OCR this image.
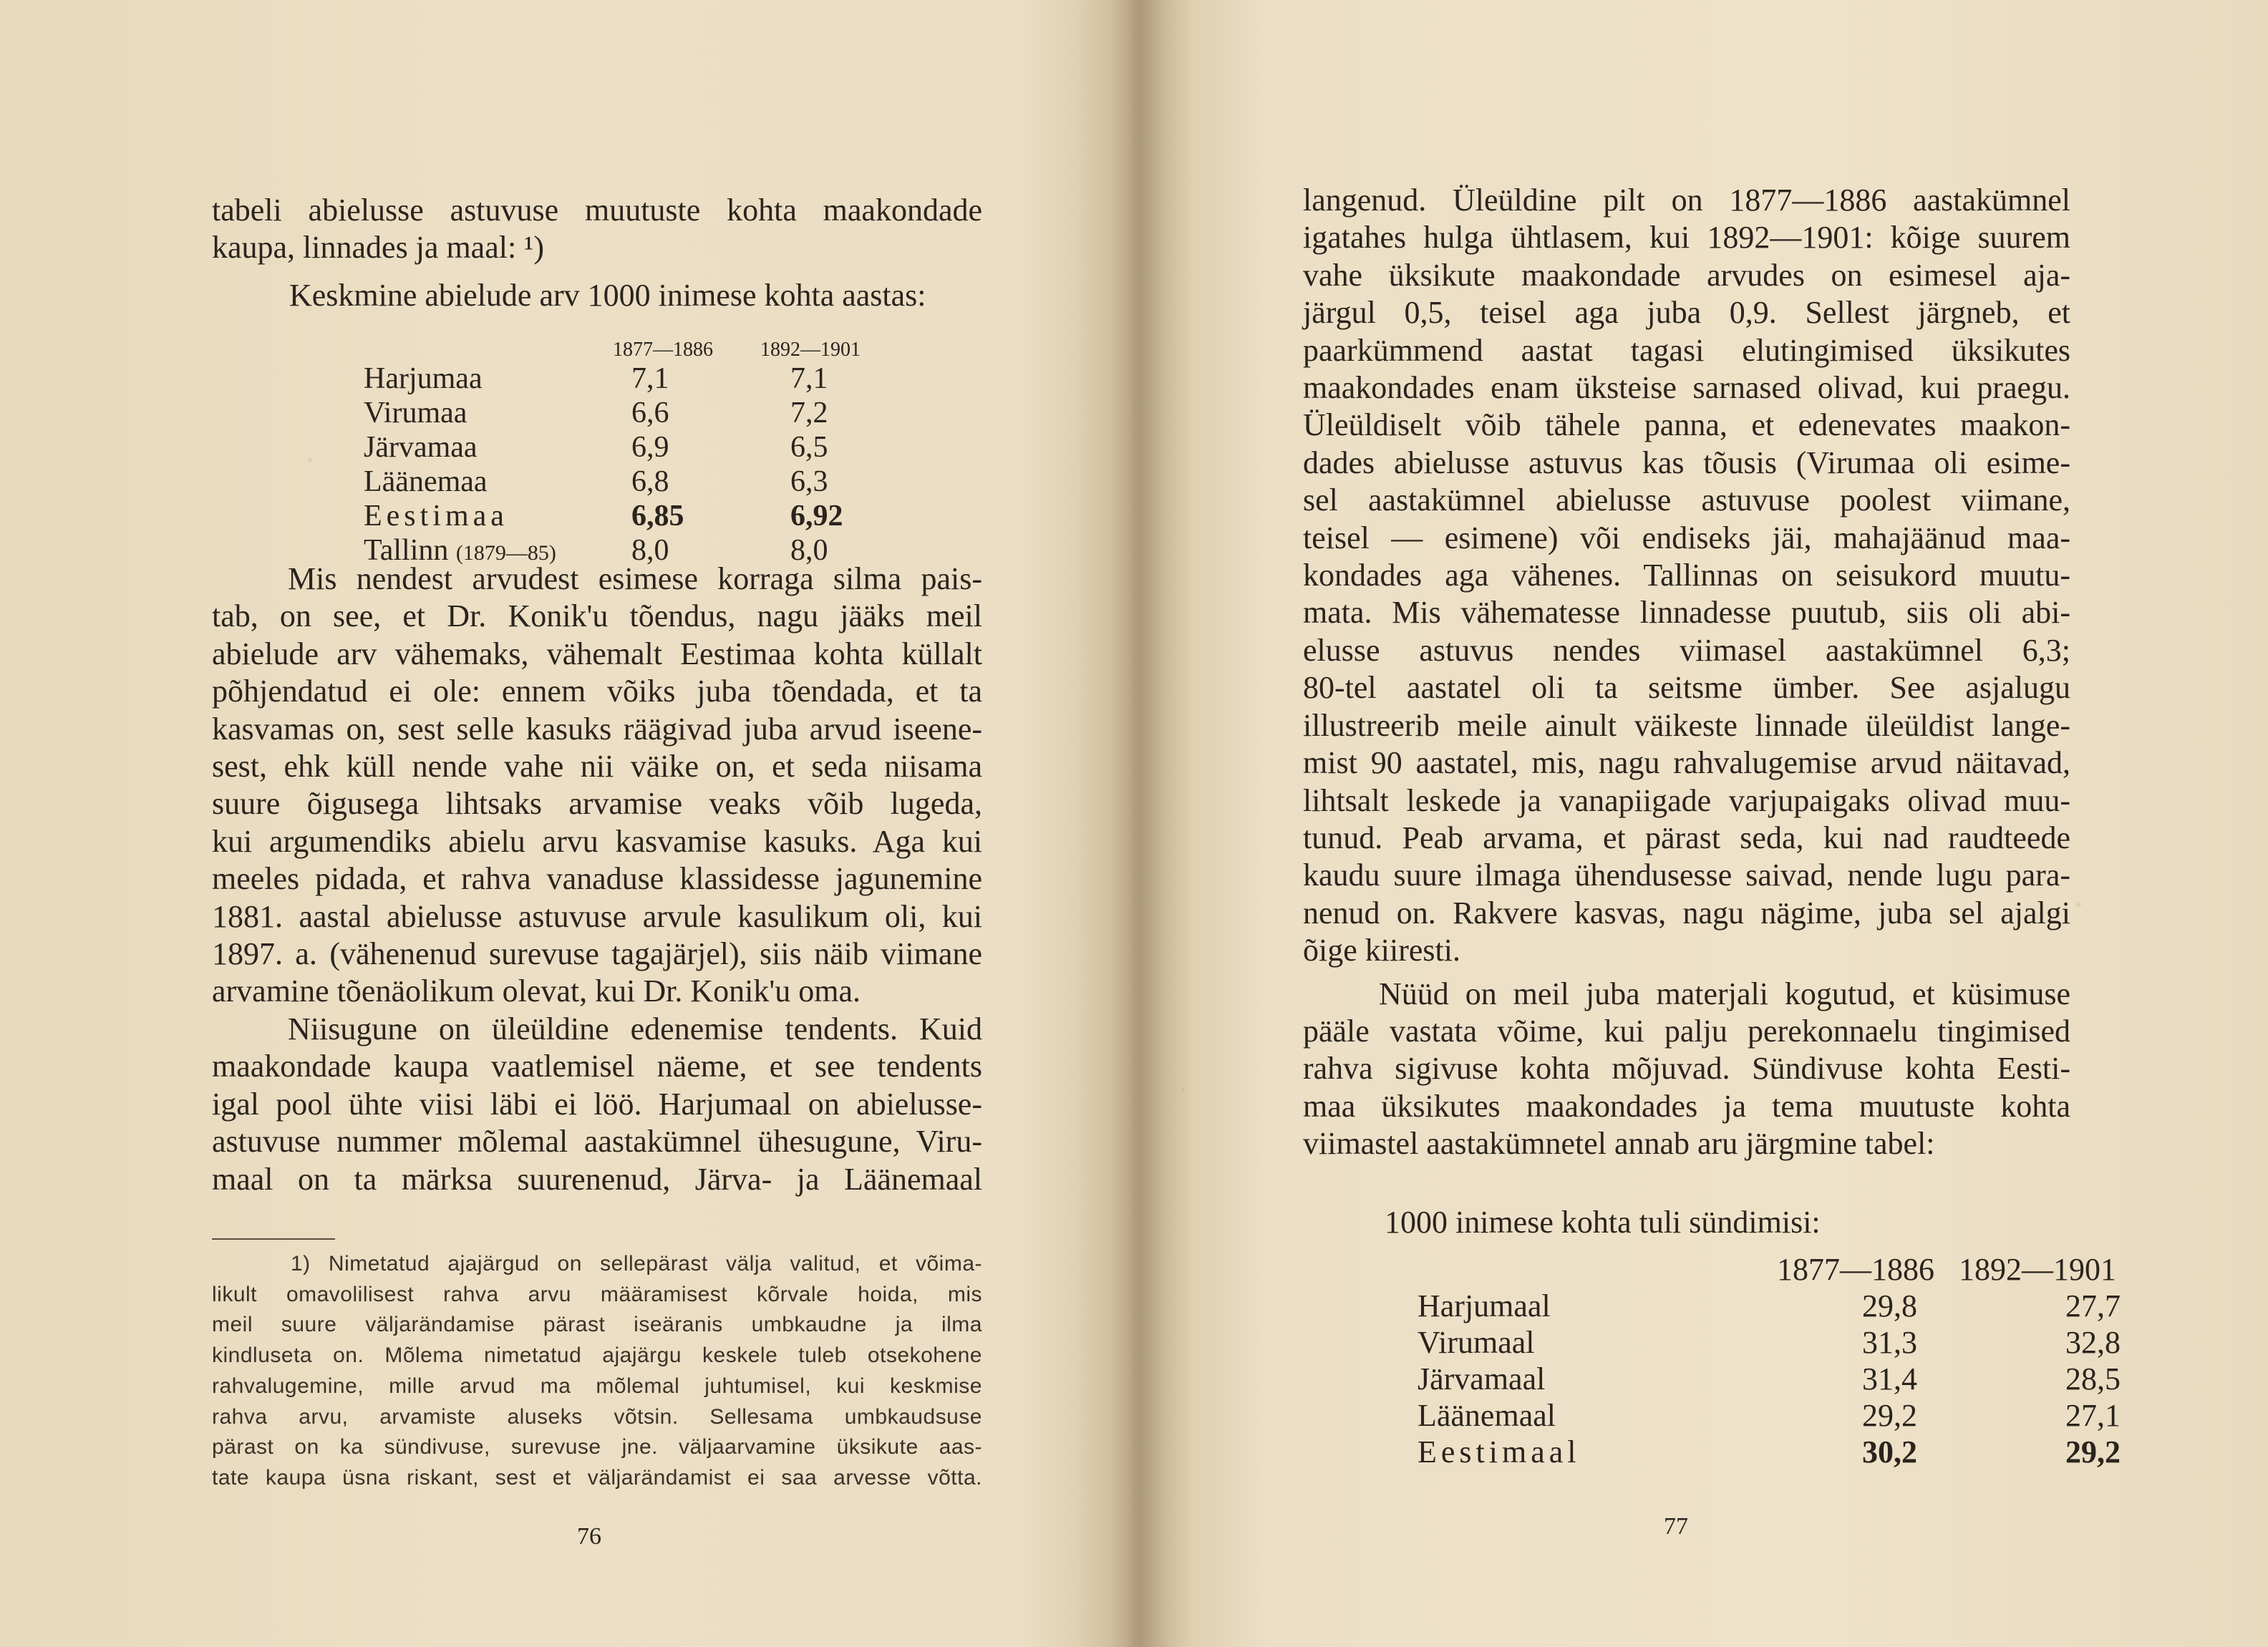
tabeli abielusse astuvuse muutuste kohta maakondade
kaupa, linnades ja maal: ¹)
Keskmine abielude arv 1000 inimese kohta aastas:
	1877—1886	1892—1901
Harjumaa	7,1	7,1
Virumaa	6,6	7,2
Järvamaa	6,9	6,5
Läänemaa	6,8	6,3
Eestimaa	6,85	6,92
Tallinn (1879—85)	8,0	8,0
Mis nendest arvudest esimese korraga silma pais-
tab, on see, et Dr. Konik'u tõendus, nagu jääks meil
abielude arv vähemaks, vähemalt Eestimaa kohta küllalt
põhjendatud ei ole: ennem võiks juba tõendada, et ta
kasvamas on, sest selle kasuks räägivad juba arvud iseene-
sest, ehk küll nende vahe nii väike on, et seda niisama
suure õigusega lihtsaks arvamise veaks võib lugeda,
kui argumendiks abielu arvu kasvamise kasuks. Aga kui
meeles pidada, et rahva vanaduse klassidesse jagunemine
1881. aastal abielusse astuvuse arvule kasulikum oli, kui
1897. a. (vähenenud surevuse tagajärjel), siis näib viimane
arvamine tõenäolikum olevat, kui Dr. Konik'u oma.
Niisugune on üleüldine edenemise tendents. Kuid
maakondade kaupa vaatlemisel näeme, et see tendents
igal pool ühte viisi läbi ei löö. Harjumaal on abielusse-
astuvuse nummer mõlemal aastakümnel ühesugune, Viru-
maal on ta märksa suurenenud, Järva- ja Läänemaal
1) Nimetatud ajajärgud on sellepärast välja valitud, et võima-
likult omavolilisest rahva arvu määramisest kõrvale hoida, mis
meil suure väljarändamise pärast iseäranis umbkaudne ja ilma
kindluseta on. Mõlema nimetatud ajajärgu keskele tuleb otsekohene
rahvalugemine, mille arvud ma mõlemal juhtumisel, kui keskmise
rahva arvu, arvamiste aluseks võtsin. Sellesama umbkaudsuse
pärast on ka sündivuse, surevuse jne. väljaarvamine üksikute aas-
tate kaupa üsna riskant, sest et väljarändamist ei saa arvesse võtta.
76
langenud. Üleüldine pilt on 1877—1886 aastakümnel
igatahes hulga ühtlasem, kui 1892—1901: kõige suurem
vahe üksikute maakondade arvudes on esimesel aja-
järgul 0,5, teisel aga juba 0,9. Sellest järgneb, et
paarkümmend aastat tagasi elutingimised üksikutes
maakondades enam üksteise sarnased olivad, kui praegu.
Üleüldiselt võib tähele panna, et edenevates maakon-
dades abielusse astuvus kas tõusis (Virumaa oli esime-
sel aastakümnel abielusse astuvuse poolest viimane,
teisel — esimene) või endiseks jäi, mahajäänud maa-
kondades aga vähenes. Tallinnas on seisukord muutu-
mata. Mis vähematesse linnadesse puutub, siis oli abi-
elusse astuvus nendes viimasel aastakümnel 6,3;
80-tel aastatel oli ta seitsme ümber. See asjalugu
illustreerib meile ainult väikeste linnade üleüldist lange-
mist 90 aastatel, mis, nagu rahvalugemise arvud näitavad,
lihtsalt leskede ja vanapiigade varjupaigaks olivad muu-
tunud. Peab arvama, et pärast seda, kui nad raudteede
kaudu suure ilmaga ühendusesse saivad, nende lugu para-
nenud on. Rakvere kasvas, nagu nägime, juba sel ajalgi
õige kiiresti.
Nüüd on meil juba materjali kogutud, et küsimuse
pääle vastata võime, kui palju perekonnaelu tingimised
rahva sigivuse kohta mõjuvad. Sündivuse kohta Eesti-
maa üksikutes maakondades ja tema muutuste kohta
viimastel aastakümnetel annab aru järgmine tabel:
1000 inimese kohta tuli sündimisi:
	1877—1886	1892—1901
Harjumaal	29,8	27,7
Virumaal	31,3	32,8
Järvamaal	31,4	28,5
Läänemaal	29,2	27,1
Eestimaal	30,2	29,2
77
